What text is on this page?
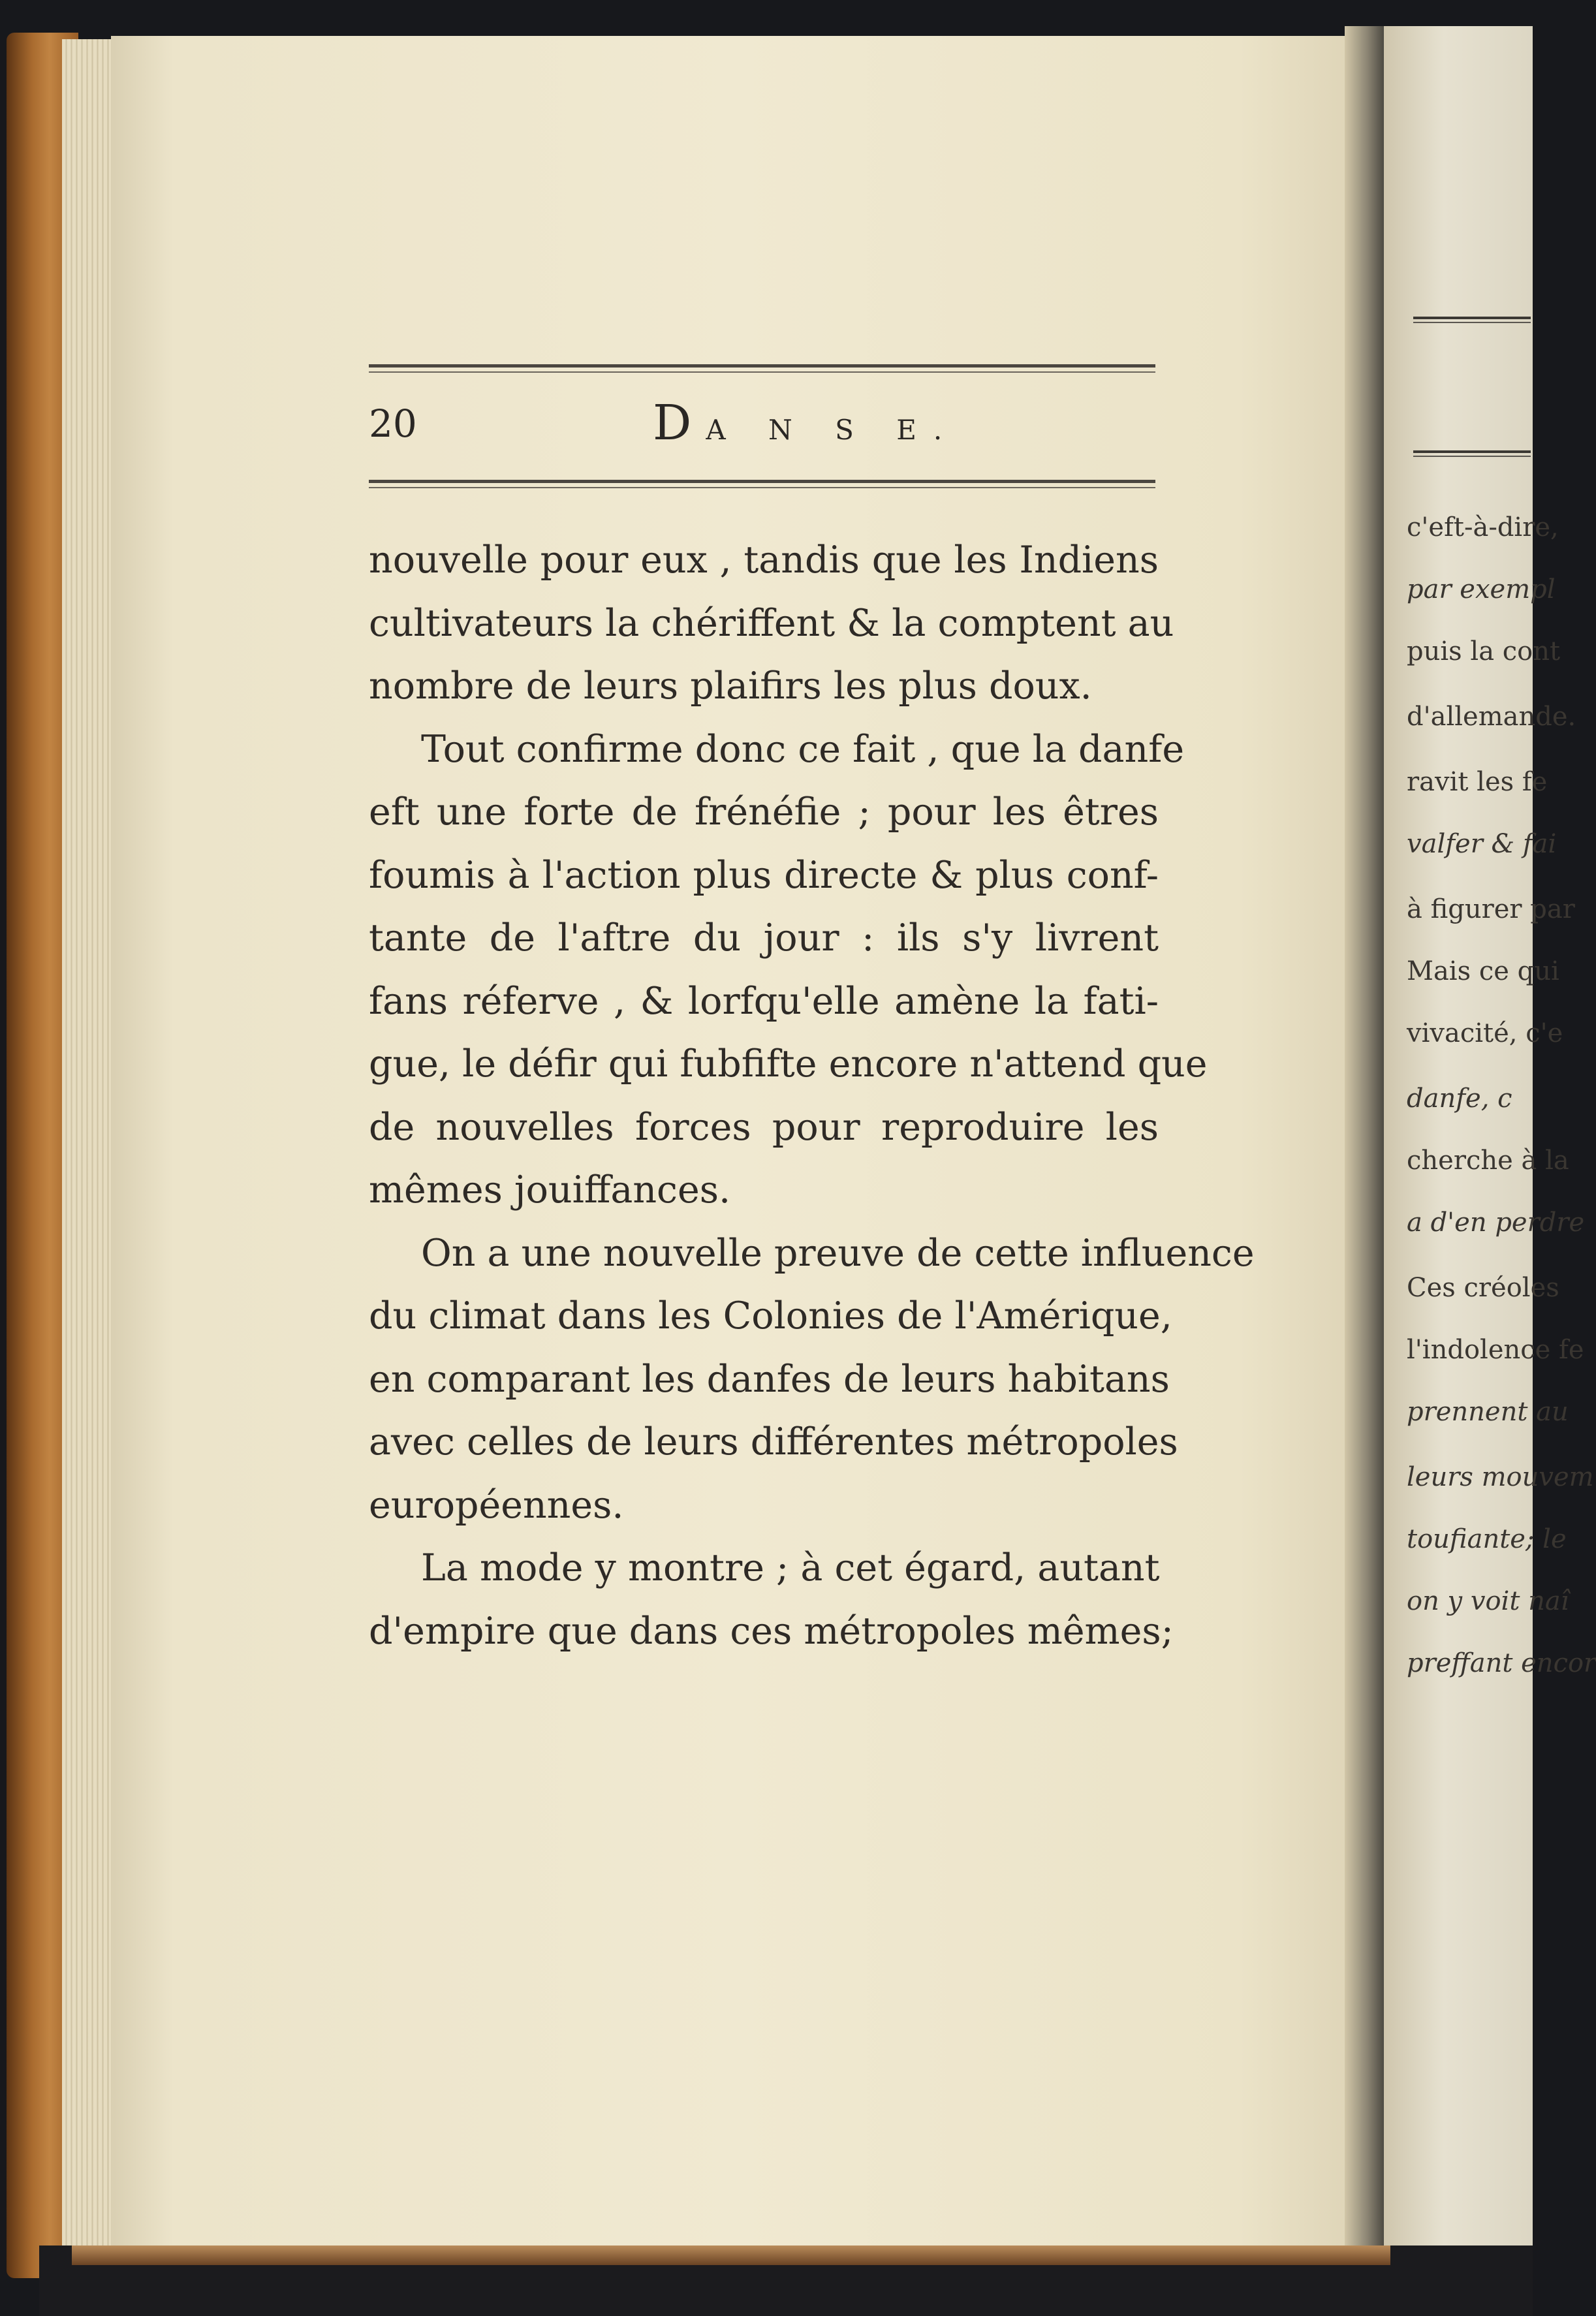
20	DA N S E.
nouvelle pour eux , tandis que les Indiens
cultivateurs la chériffent & la comptent au
nombre de leurs plaifirs les plus doux.
Tout confirme donc ce fait , que la danfe
eft une forte de frénéfie ; pour les êtres
foumis à l'action plus directe & plus conf-
tante de l'aftre du jour : ils s'y livrent
fans réferve , & lorfqu'elle amène la fati-
gue, le défir qui fubfifte encore n'attend que
de nouvelles forces pour reproduire les
mêmes jouiffances.
On a une nouvelle preuve de cette influence
du climat dans les Colonies de l'Amérique,
en comparant les danfes de leurs habitans
avec celles de leurs différentes métropoles
européennes.
La mode y montre ; à cet égard, autant
d'empire que dans ces métropoles mêmes;
c'eft-à-dire,
par exempl
puis la cont
d'allemande.
ravit les fe
valfer & fai
à figurer par
Mais ce qui
vivacité, c'e
danfe, c
cherche à la
a d'en perdre
Ces créoles
l'indolence fe
prennent au
leurs mouvem
toufiante; le
on y voit naî
preffant encor
